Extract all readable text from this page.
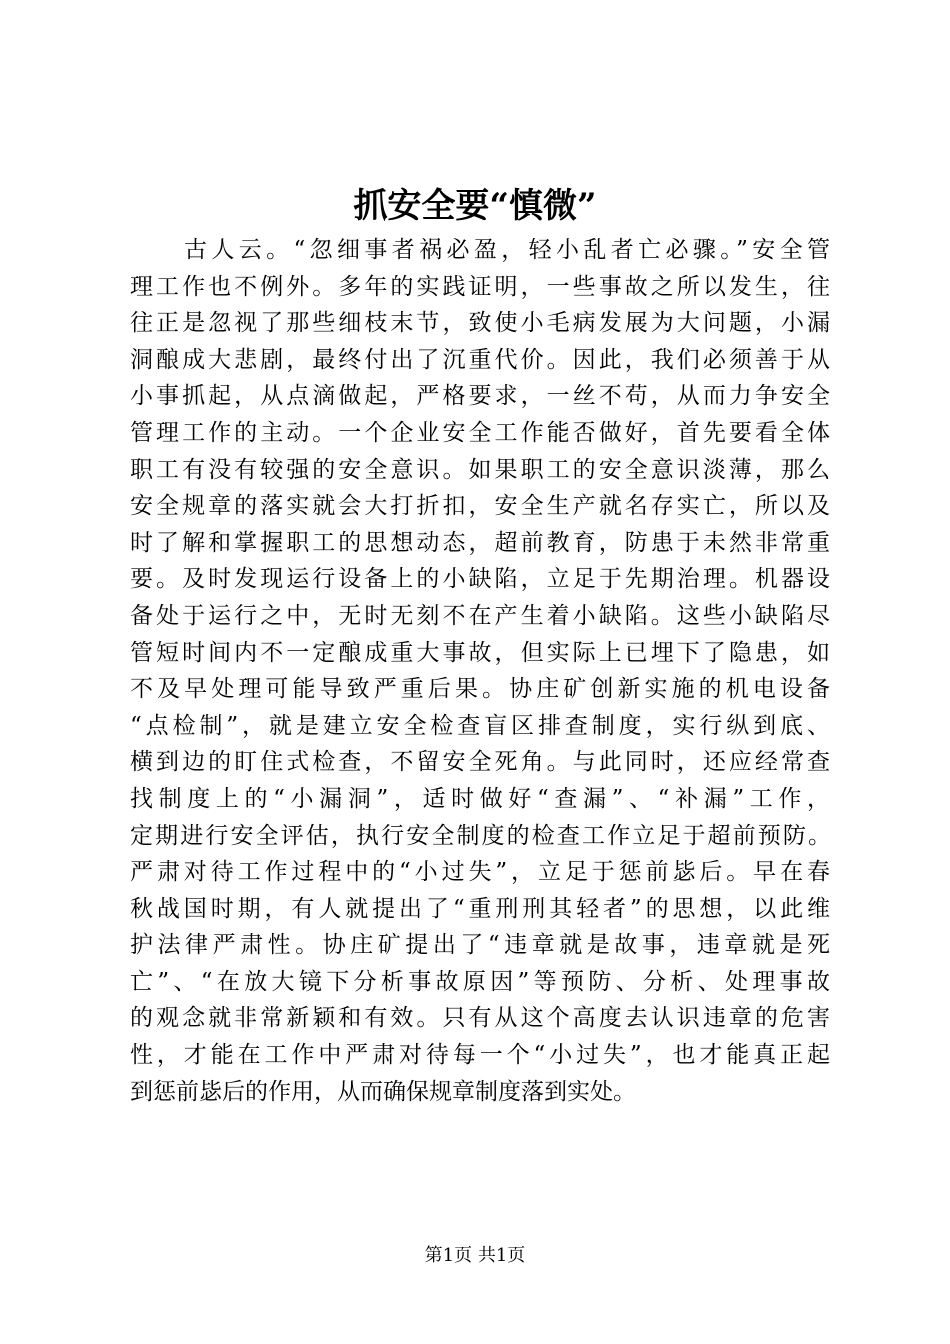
抓安全要“慎微”
古人云。“忽细事者祸必盈，轻小乱者亡必骤。”安全管
理工作也不例外。多年的实践证明，一些事故之所以发生，往
往正是忽视了那些细枝末节，致使小毛病发展为大问题，小漏
洞酿成大悲剧，最终付出了沉重代价。因此，我们必须善于从
小事抓起，从点滴做起，严格要求，一丝不苟，从而力争安全
管理工作的主动。一个企业安全工作能否做好，首先要看全体
职工有没有较强的安全意识。如果职工的安全意识淡薄，那么
安全规章的落实就会大打折扣，安全生产就名存实亡，所以及
时了解和掌握职工的思想动态，超前教育，防患于未然非常重
要。及时发现运行设备上的小缺陷，立足于先期治理。机器设
备处于运行之中，无时无刻不在产生着小缺陷。这些小缺陷尽
管短时间内不一定酿成重大事故，但实际上已埋下了隐患，如
不及早处理可能导致严重后果。协庄矿创新实施的机电设备
“点检制”，就是建立安全检查盲区排查制度，实行纵到底、
横到边的盯住式检查，不留安全死角。与此同时，还应经常查
找制度上的“小漏洞”，适时做好“查漏”、“补漏”工作，
定期进行安全评估，执行安全制度的检查工作立足于超前预防。
严肃对待工作过程中的“小过失”，立足于惩前毖后。早在春
秋战国时期，有人就提出了“重刑刑其轻者”的思想，以此维
护法律严肃性。协庄矿提出了“违章就是故事，违章就是死
亡”、“在放大镜下分析事故原因”等预防、分析、处理事故
的观念就非常新颖和有效。只有从这个高度去认识违章的危害
性，才能在工作中严肃对待每一个“小过失”，也才能真正起
到惩前毖后的作用，从而确保规章制度落到实处。
第1页 共1页
